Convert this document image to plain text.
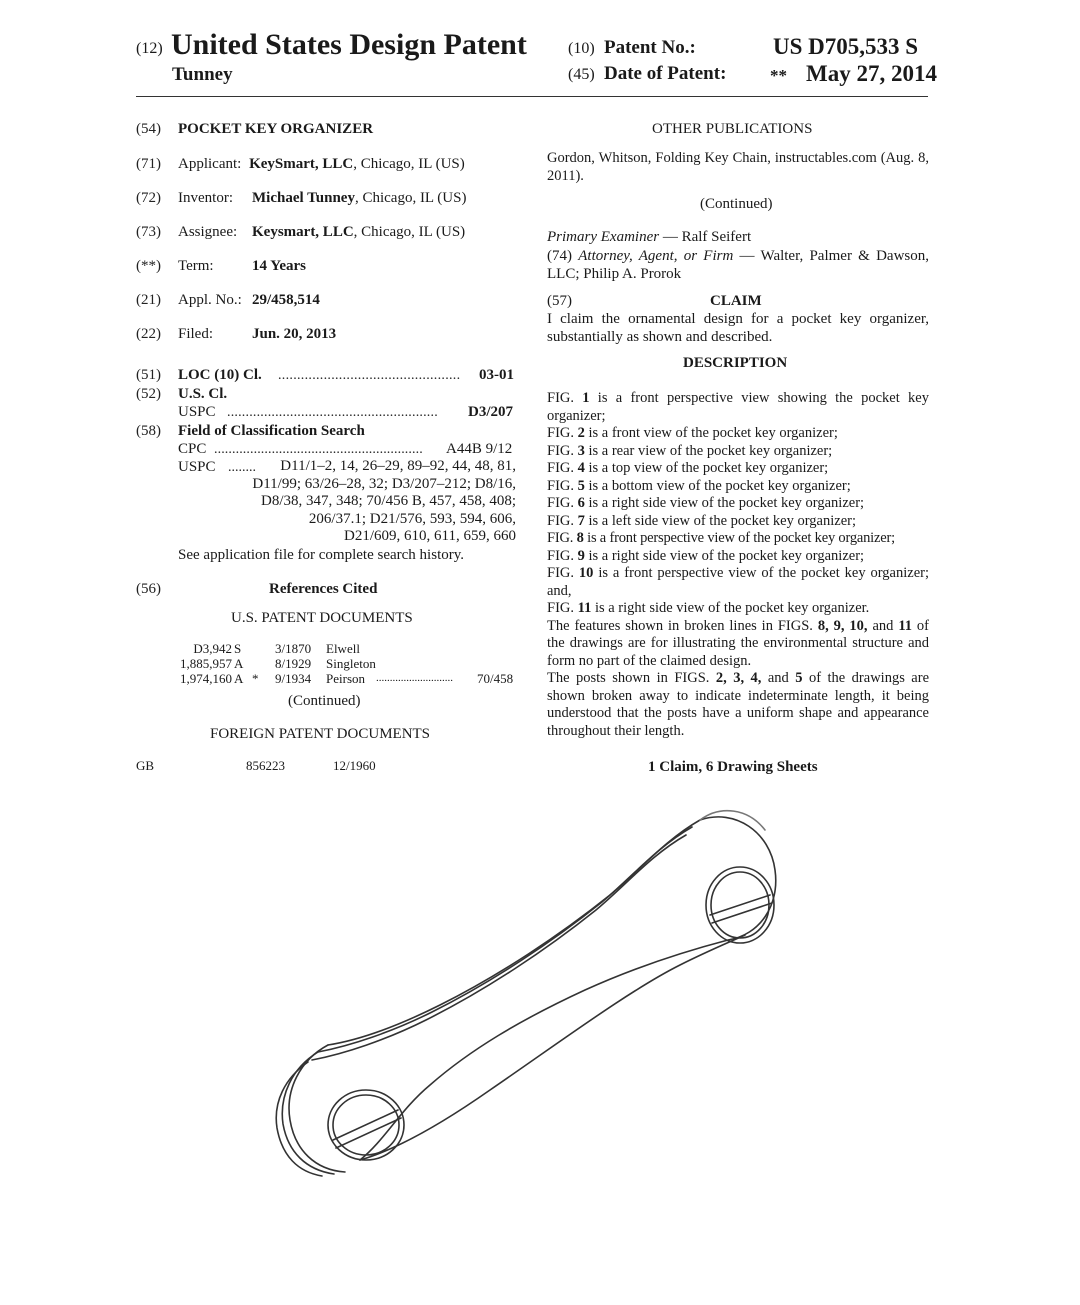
(12) United States Design Patent
Tunney
(10) Patent No.:	US D705,533 S
(45) Date of Patent:	** May 27, 2014
(54) POCKET KEY ORGANIZER
(71) Applicant: KeySmart, LLC, Chicago, IL (US)
(72) Inventor: Michael Tunney, Chicago, IL (US)
(73) Assignee: Keysmart, LLC, Chicago, IL (US)
(**) Term:	14 Years
(21) Appl. No.: 29/458,514
(22) Filed:	Jun. 20, 2013
(51) LOC (10) Cl. ................................................ 03-01
(52) U.S. Cl.
USPC ......................................................... D3/207
(58) Field of Classification Search
CPC .......................................................... A44B 9/12
USPC ........	D11/1–2, 14, 26–29, 89–92, 44, 48, 81,
D11/99; 63/26–28, 32; D3/207–212; D8/16,
D8/38, 347, 348; 70/456 B, 457, 458, 408;
206/37.1; D21/576, 593, 594, 606,
D21/609, 610, 611, 659, 660
See application file for complete search history.
(56)	References Cited
U.S. PATENT DOCUMENTS
D3,942 S	3/1870 Elwell
1,885,957 A 8/1929 Singleton
1,974,160 A * 9/1934 Peirson ............................ 70/458
(Continued)
FOREIGN PATENT DOCUMENTS
GB	856223	12/1960
OTHER PUBLICATIONS
Gordon, Whitson, Folding Key Chain, instructables.com (Aug. 8, 2011).
(Continued)
Primary Examiner — Ralf Seifert
(74) Attorney, Agent, or Firm — Walter, Palmer & Dawson, LLC; Philip A. Prorok
(57)	CLAIM
I claim the ornamental design for a pocket key organizer, substantially as shown and described.
DESCRIPTION
FIG. 1 is a front perspective view showing the pocket key organizer;
FIG. 2 is a front view of the pocket key organizer;
FIG. 3 is a rear view of the pocket key organizer;
FIG. 4 is a top view of the pocket key organizer;
FIG. 5 is a bottom view of the pocket key organizer;
FIG. 6 is a right side view of the pocket key organizer;
FIG. 7 is a left side view of the pocket key organizer;
FIG. 8 is a front perspective view of the pocket key organizer;
FIG. 9 is a right side view of the pocket key organizer;
FIG. 10 is a front perspective view of the pocket key organizer; and,
FIG. 11 is a right side view of the pocket key organizer.
The features shown in broken lines in FIGS. 8, 9, 10, and 11 of the drawings are for illustrating the environmental structure and form no part of the claimed design.
The posts shown in FIGS. 2, 3, 4, and 5 of the drawings are shown broken away to indicate indeterminate length, it being understood that the posts have a uniform shape and appearance throughout their length.
1 Claim, 6 Drawing Sheets
